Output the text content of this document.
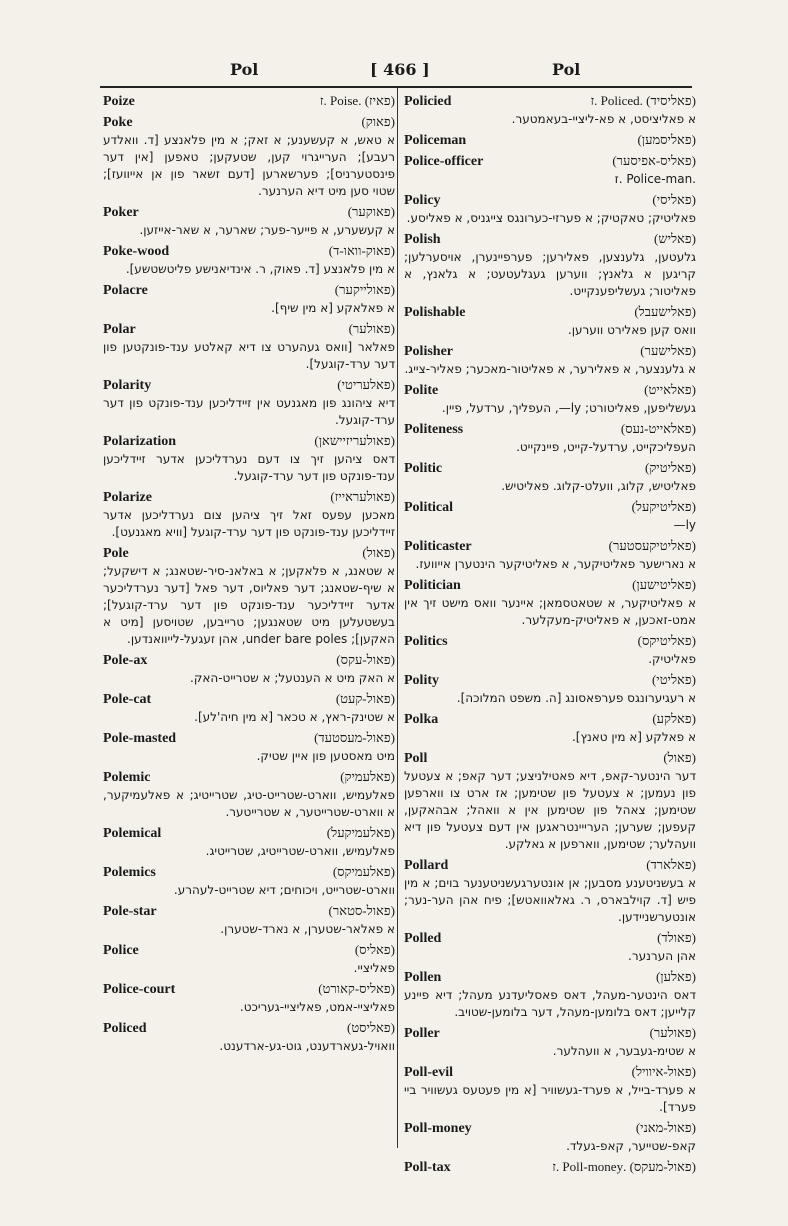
Pol	[ 466 ]	Pol
Poize	(פאיז) .Poise .ז
Poke	(פאוק)
א טאש, א קעשענע; א זאק; א מין פלאנצע [ד. וואלדע רעבע]; הערייגרוי קען, שטעקען; טאפען [אין דער פינסטערניס]; פערשארען [דעם זשאר פון אן אייוועז]; שטוי סען מיט דיא הערנער.
Poker	(פאוקער)
א קעשערע, א פייער-פער; שארער, א שאר-אייזען.
Poke-wood	(פאוק-וואו-ד)
א מין פלאנצע [ד. פאוק, ר. אינדיאנישע פליטשטשע].
Polacre	(פאולייקער)
א פאלאקע [א מין שיף].
Polar	(פאולער)
פאלאר [וואס געהערט צו דיא קאלטע ענד-פונקטען פון דער ערד-קוגעל].
Polarity	(פאלעריטי)
דיא ציהונג פון מאגנעט אין זיידליכען ענד-פונקט פון דער ערד-קוגעל.
Polarization	(פאולעריזיישאן)
דאס ציהען זיך צו דעם נערדליכען אדער זיידליכען ענד-פונקט פון דער ערד-קוגעל.
Polarize	(פאולעראייז)
מאכען עפעס זאל זיך ציהען צום נערדליכען אדער זיידליכען ענד-פונקט פון דער ערד-קוגעל [וויא מאגנעט].
Pole	(פאול)
א שטאנג, א פלאקען; א באלאנ-סיר-שטאנג; א דישקעל; א שיף-שטאנג; דער פאליוס, דער פאל [דער נערדליכער אדער זיידליכער ענד-פונקט פון דער ערד-קוגעל]; בעשטעלען מיט שטאנגען; טרייבען, שטויסען [מיט א האקען]; under bare poles, אהן זעגעל-לייוואנדען.
Pole-ax	(פאול-עקס)
א האק מיט א הענטעל; א שטרייט-האק.
Pole-cat	(פאול-קעט)
א שטינק-ראץ, א טכאר [א מין חיה'לע].
Pole-masted	(פאול-מעסטעד)
מיט מאסטען פון איין שטיק.
Polemic	(פאלעמיק)
פאלעמיש, ווארט-שטרייט-טיג, שטרייטיג; א פאלעמיקער, א ווארט-שטרייטער, א שטרייטער.
Polemical	(פאלעמיקעל)
פאלעמיש, ווארט-שטרייטיג, שטרייטיג.
Polemics	(פאלעמיקס)
ווארט-שטרייט, ויכוחים; דיא שטרייט-לעהרע.
Pole-star	(פאול-סטאר)
א פאלאר-שטערן, א נארד-שטערן.
Police	(פאליס)
פאליציי.
Police-court	(פאליס-קאורט)
פאליציי-אמט, פאליציי-געריכט.
Policed	(פאליסט)
וואויל-געארדענט, גוט-גע-ארדענט.
Policied	(פאליסיד) .Policed .ז
א פאליציסט, א פא-ליציי-בעאמטער.
Policeman	(פאליסמען)
Police-officer	(פאליס-אפיסער)
.Police-man .ז
Policy	(פאליסי)
פאליטיק; טאקטיק; א פערזי-כערונגס צייגניס, א פאליסע.
Polish	(פאליש)
גלעטען, גלענצען, פאלירען; פערפיינערן, אויסערלען; קריגען א גלאנץ; ווערען געגלעטעט; א גלאנץ, א פאליטור; געשליפענקייט.
Polishable	(פאלישעבל)
וואס קען פאלירט ווערען.
Polisher	(פאלישער)
א גלענצער, א פאלירער, א פאליטור-מאכער; פאליר-צייג.
Polite	(פאלאייט)
געשליפען, פאליטורט; ly—, העפליך, ערדעל, פיין.
Politeness	(פאלאייט-נעס)
העפליכקייט, ערדעל-קייט, פיינקייט.
Politic	(פאליטיק)
פאליטיש, קלוג, וועלט-קלוג. פאליטיש.
Political	(פאליטיקעל)
ly—
Politicaster	(פאליטיקעסטער)
א נארישער פאליטיקער, א פאליטיקער הינטערן אייוועז.
Politician	(פאליטישען)
א פאליטיקער, א שטאטסמאן; איינער וואס מישט זיך אין אמט-זאכען, א פאליטיק-מעקלער.
Politics	(פאליטיקס)
פאליטיק.
Polity	(פאליטי)
א רעגיערונגס פערפאסונג [ה. משפט המלוכה].
Polka	(פאלקע)
א פאלקע [א מין טאנץ].
Poll	(פאול)
דער הינטער-קאפ, דיא פאטילניצע; דער קאפ; א צעטעל פון נעמען; א צעטעל פון שטימען; אז ארט צו ווארפען שטימען; צאהל פון שטימען אין א וואהל; אבהאקען, קעפען; שערען; הערייינטראגען אין דעם צעטעל פון דיא וועהלער; שטימען, ווארפען א גאלקע.
Pollard	(פאלארד)
א בעשניטענע מסבען; אן אונטערגעשניטענער בוים; א מין פיש [ד. קוילבארס, ר. גאלאוואטש]; פיח אהן הער-נער; אונטערשניידען.
Polled	(פאולד)
אהן הערנער.
Pollen	(פאלען)
דאס הינטער-מעהל, דאס פאסליעדנע מעהל; דיא פיינע קלייען; דאס בלומען-מעהל, דער בלומען-שטויב.
Poller	(פאולער)
א שטימ-געבער, א וועהלער.
Poll-evil	(פאול-איוויל)
א פערד-בייל, א פערד-געשוויר [א מין פעטעס געשוויר ביי פערד].
Poll-money	(פאול-מאני)
קאפ-שטייער, קאפ-געלד.
Poll-tax	(פאול-מעקס) .Poll-money .ז
